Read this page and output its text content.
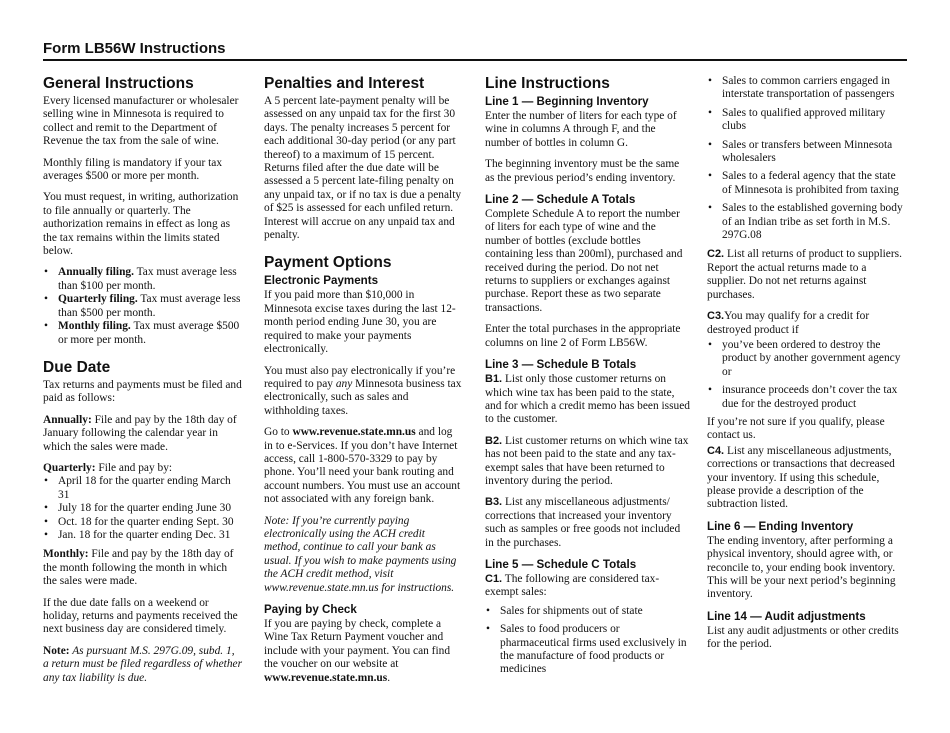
Form LB56W Instructions
General Instructions

Every licensed manufacturer or wholesaler selling wine in Minnesota is required to collect and remit to the Department of Revenue the tax from the sale of wine.

Monthly filing is mandatory if your tax averages $500 or more per month.

You must request, in writing, authorization to file annually or quarterly. The authorization remains in effect as long as the tax remains within the limits stated below.

• Annually filing. Tax must average less than $100 per month.
• Quarterly filing. Tax must average less than $500 per month.
• Monthly filing. Tax must average $500 or more per month.
Due Date

Tax returns and payments must be filed and paid as follows:

Annually: File and pay by the 18th day of January following the calendar year in which the sales were made.

Quarterly: File and pay by:

• April 18 for the quarter ending March 31
• July 18 for the quarter ending June 30
• Oct. 18 for the quarter ending Sept. 30
• Jan. 18 for the quarter ending Dec. 31

Monthly: File and pay by the 18th day of the month following the month in which the sales were made.

If the due date falls on a weekend or holiday, returns and payments received the next business day are considered timely.

Note: As pursuant M.S. 297G.09, subd. 1, a return must be filed regardless of whether any tax liability is due.

Penalties and Interest

A 5 percent late-payment penalty will be assessed on any unpaid tax for the first 30 days. The penalty increases 5 percent for each additional 30-day period (or any part thereof) to a maximum of 15 percent. Returns filed after the due date will be assessed a 5 percent late-filing penalty on any unpaid tax, or if no tax is due a penalty of $25 is assessed for each unfiled return. Interest will accrue on any unpaid tax and penalty.

Payment Options
Electronic Payments

If you paid more than $10,000 in Minnesota excise taxes during the last 12-month period ending June 30, you are required to make your payments electronically.

You must also pay electronically if you’re required to pay any Minnesota business tax electronically, such as sales and withholding taxes.

Go to www.revenue.state.mn.us and log in to e-Services. If you don’t have Internet access, call 1-800-570-3329 to pay by phone. You’ll need your bank routing and account numbers. You must use an account not associated with any foreign bank.

Note: If you’re currently paying electronically using the ACH credit method, continue to call your bank as usual. If you wish to make payments using the ACH credit method, visit www.revenue.state.mn.us for instructions.

Paying by Check

If you are paying by check, complete a Wine Tax Return Payment voucher and include with your payment. You can find the voucher on our website at www.revenue.state.mn.us.

Line Instructions
Line 1 — Beginning Inventory

Enter the number of liters for each type of wine in columns A through F, and the number of bottles in column G.

The beginning inventory must be the same as the previous period’s ending inventory.

Line 2 — Schedule A Totals

Complete Schedule A to report the number of liters for each type of wine and the number of bottles (exclude bottles containing less than 200ml), purchased and received during the period. Do not net returns to suppliers or exchanges against purchase. Report these as two separate transactions.

Enter the total purchases in the appropriate columns on line 2 of Form LB56W.

Line 3 — Schedule B Totals

B1. List only those customer returns on which wine tax has been paid to the state, and for which a credit memo has been issued to the customer.

B2. List customer returns on which wine tax has not been paid to the state and any tax-exempt sales that have been returned to inventory during the period.

B3. List any miscellaneous adjustments/ corrections that increased your inventory such as samples or free goods not included in the purchases.

Line 5 — Schedule C Totals

C1. The following are considered tax-exempt sales:

• Sales for shipments out of state
• Sales to food producers or pharmaceutical firms used exclusively in the manufacture of food products or medicines
• Sales to common carriers engaged in interstate transportation of passengers
• Sales to qualified approved military clubs
• Sales or transfers between Minnesota wholesalers
• Sales to a federal agency that the state of Minnesota is prohibited from taxing
• Sales to the established governing body of an Indian tribe as set forth in M.S. 297G.08

C2. List all returns of product to suppliers. Report the actual returns made to a supplier. Do not net returns against purchases.

C3.You may qualify for a credit for destroyed product if

• you’ve been ordered to destroy the product by another government agency or
• insurance proceeds don’t cover the tax due for the destroyed product

If you’re not sure if you qualify, please contact us.

C4. List any miscellaneous adjustments, corrections or transactions that decreased your inventory. If using this schedule, please provide a description of the subtraction listed.

Line 6 — Ending Inventory

The ending inventory, after performing a physical inventory, should agree with, or reconcile to, your ending book inventory. This will be your next period’s beginning inventory.

Line 14 — Audit adjustments

List any audit adjustments or other credits for the period.
